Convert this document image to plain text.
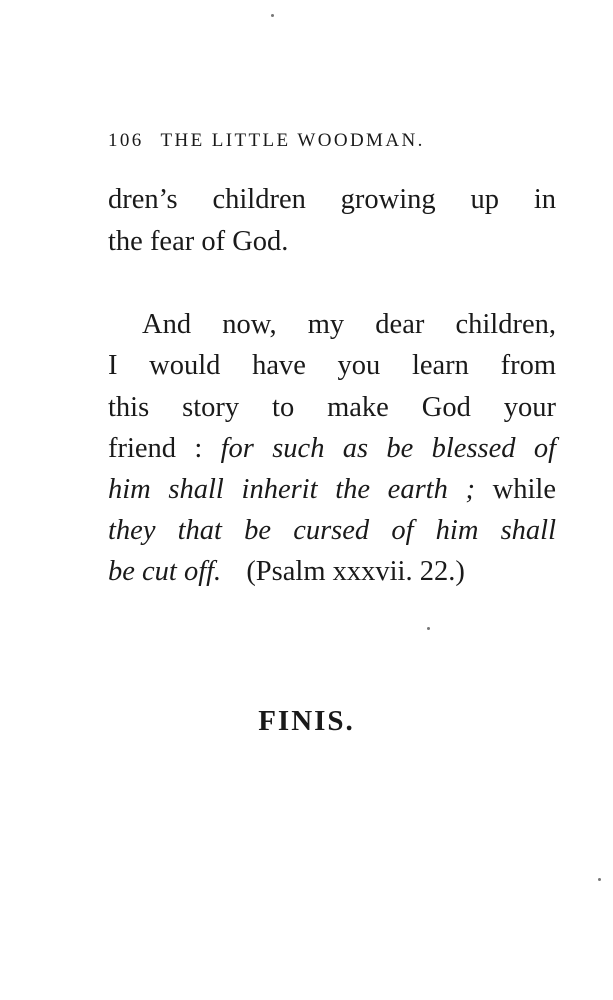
106 THE LITTLE WOODMAN.
dren’s children growing up in
the fear of God.
And now, my dear children,
I would have you learn from
this story to make God your
friend : for such as be blessed of
him shall inherit the earth ; while
they that be cursed of him shall
be cut off. (Psalm xxxvii. 22.)
FINIS.
